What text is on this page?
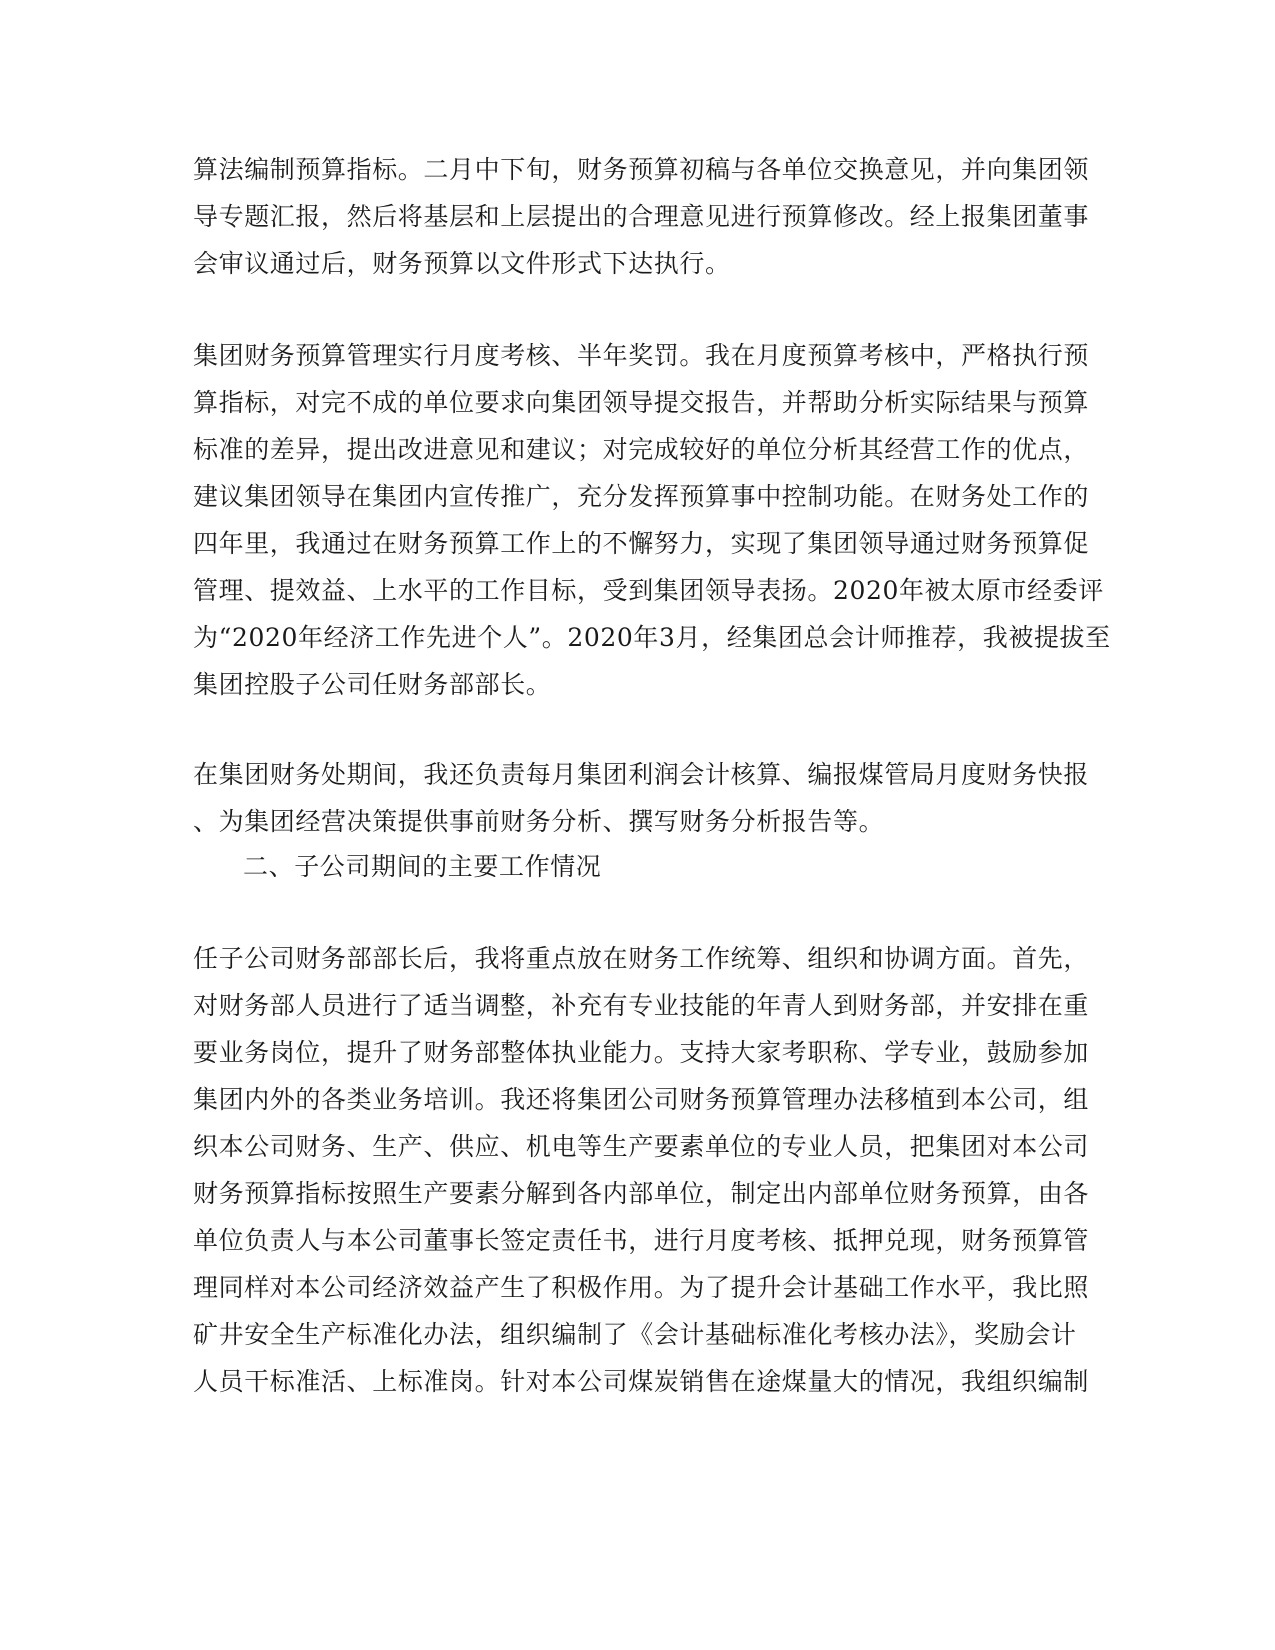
算法编制预算指标。二月中下旬，财务预算初稿与各单位交换意见，并向集团领
导专题汇报，然后将基层和上层提出的合理意见进行预算修改。经上报集团董事
会审议通过后，财务预算以文件形式下达执行。
集团财务预算管理实行月度考核、半年奖罚。我在月度预算考核中，严格执行预
算指标，对完不成的单位要求向集团领导提交报告，并帮助分析实际结果与预算
标准的差异，提出改进意见和建议；对完成较好的单位分析其经营工作的优点，
建议集团领导在集团内宣传推广，充分发挥预算事中控制功能。在财务处工作的
四年里，我通过在财务预算工作上的不懈努力，实现了集团领导通过财务预算促
管理、提效益、上水平的工作目标，受到集团领导表扬。2020年被太原市经委评
为“2020年经济工作先进个人”。2020年3月，经集团总会计师推荐，我被提拔至
集团控股子公司任财务部部长。
在集团财务处期间，我还负责每月集团利润会计核算、编报煤管局月度财务快报
、为集团经营决策提供事前财务分析、撰写财务分析报告等。
二、子公司期间的主要工作情况
任子公司财务部部长后，我将重点放在财务工作统筹、组织和协调方面。首先，
对财务部人员进行了适当调整，补充有专业技能的年青人到财务部，并安排在重
要业务岗位，提升了财务部整体执业能力。支持大家考职称、学专业，鼓励参加
集团内外的各类业务培训。我还将集团公司财务预算管理办法移植到本公司，组
织本公司财务、生产、供应、机电等生产要素单位的专业人员，把集团对本公司
财务预算指标按照生产要素分解到各内部单位，制定出内部单位财务预算，由各
单位负责人与本公司董事长签定责任书，进行月度考核、抵押兑现，财务预算管
理同样对本公司经济效益产生了积极作用。为了提升会计基础工作水平，我比照
矿井安全生产标准化办法，组织编制了《会计基础标准化考核办法》，奖励会计
人员干标准活、上标准岗。针对本公司煤炭销售在途煤量大的情况，我组织编制
